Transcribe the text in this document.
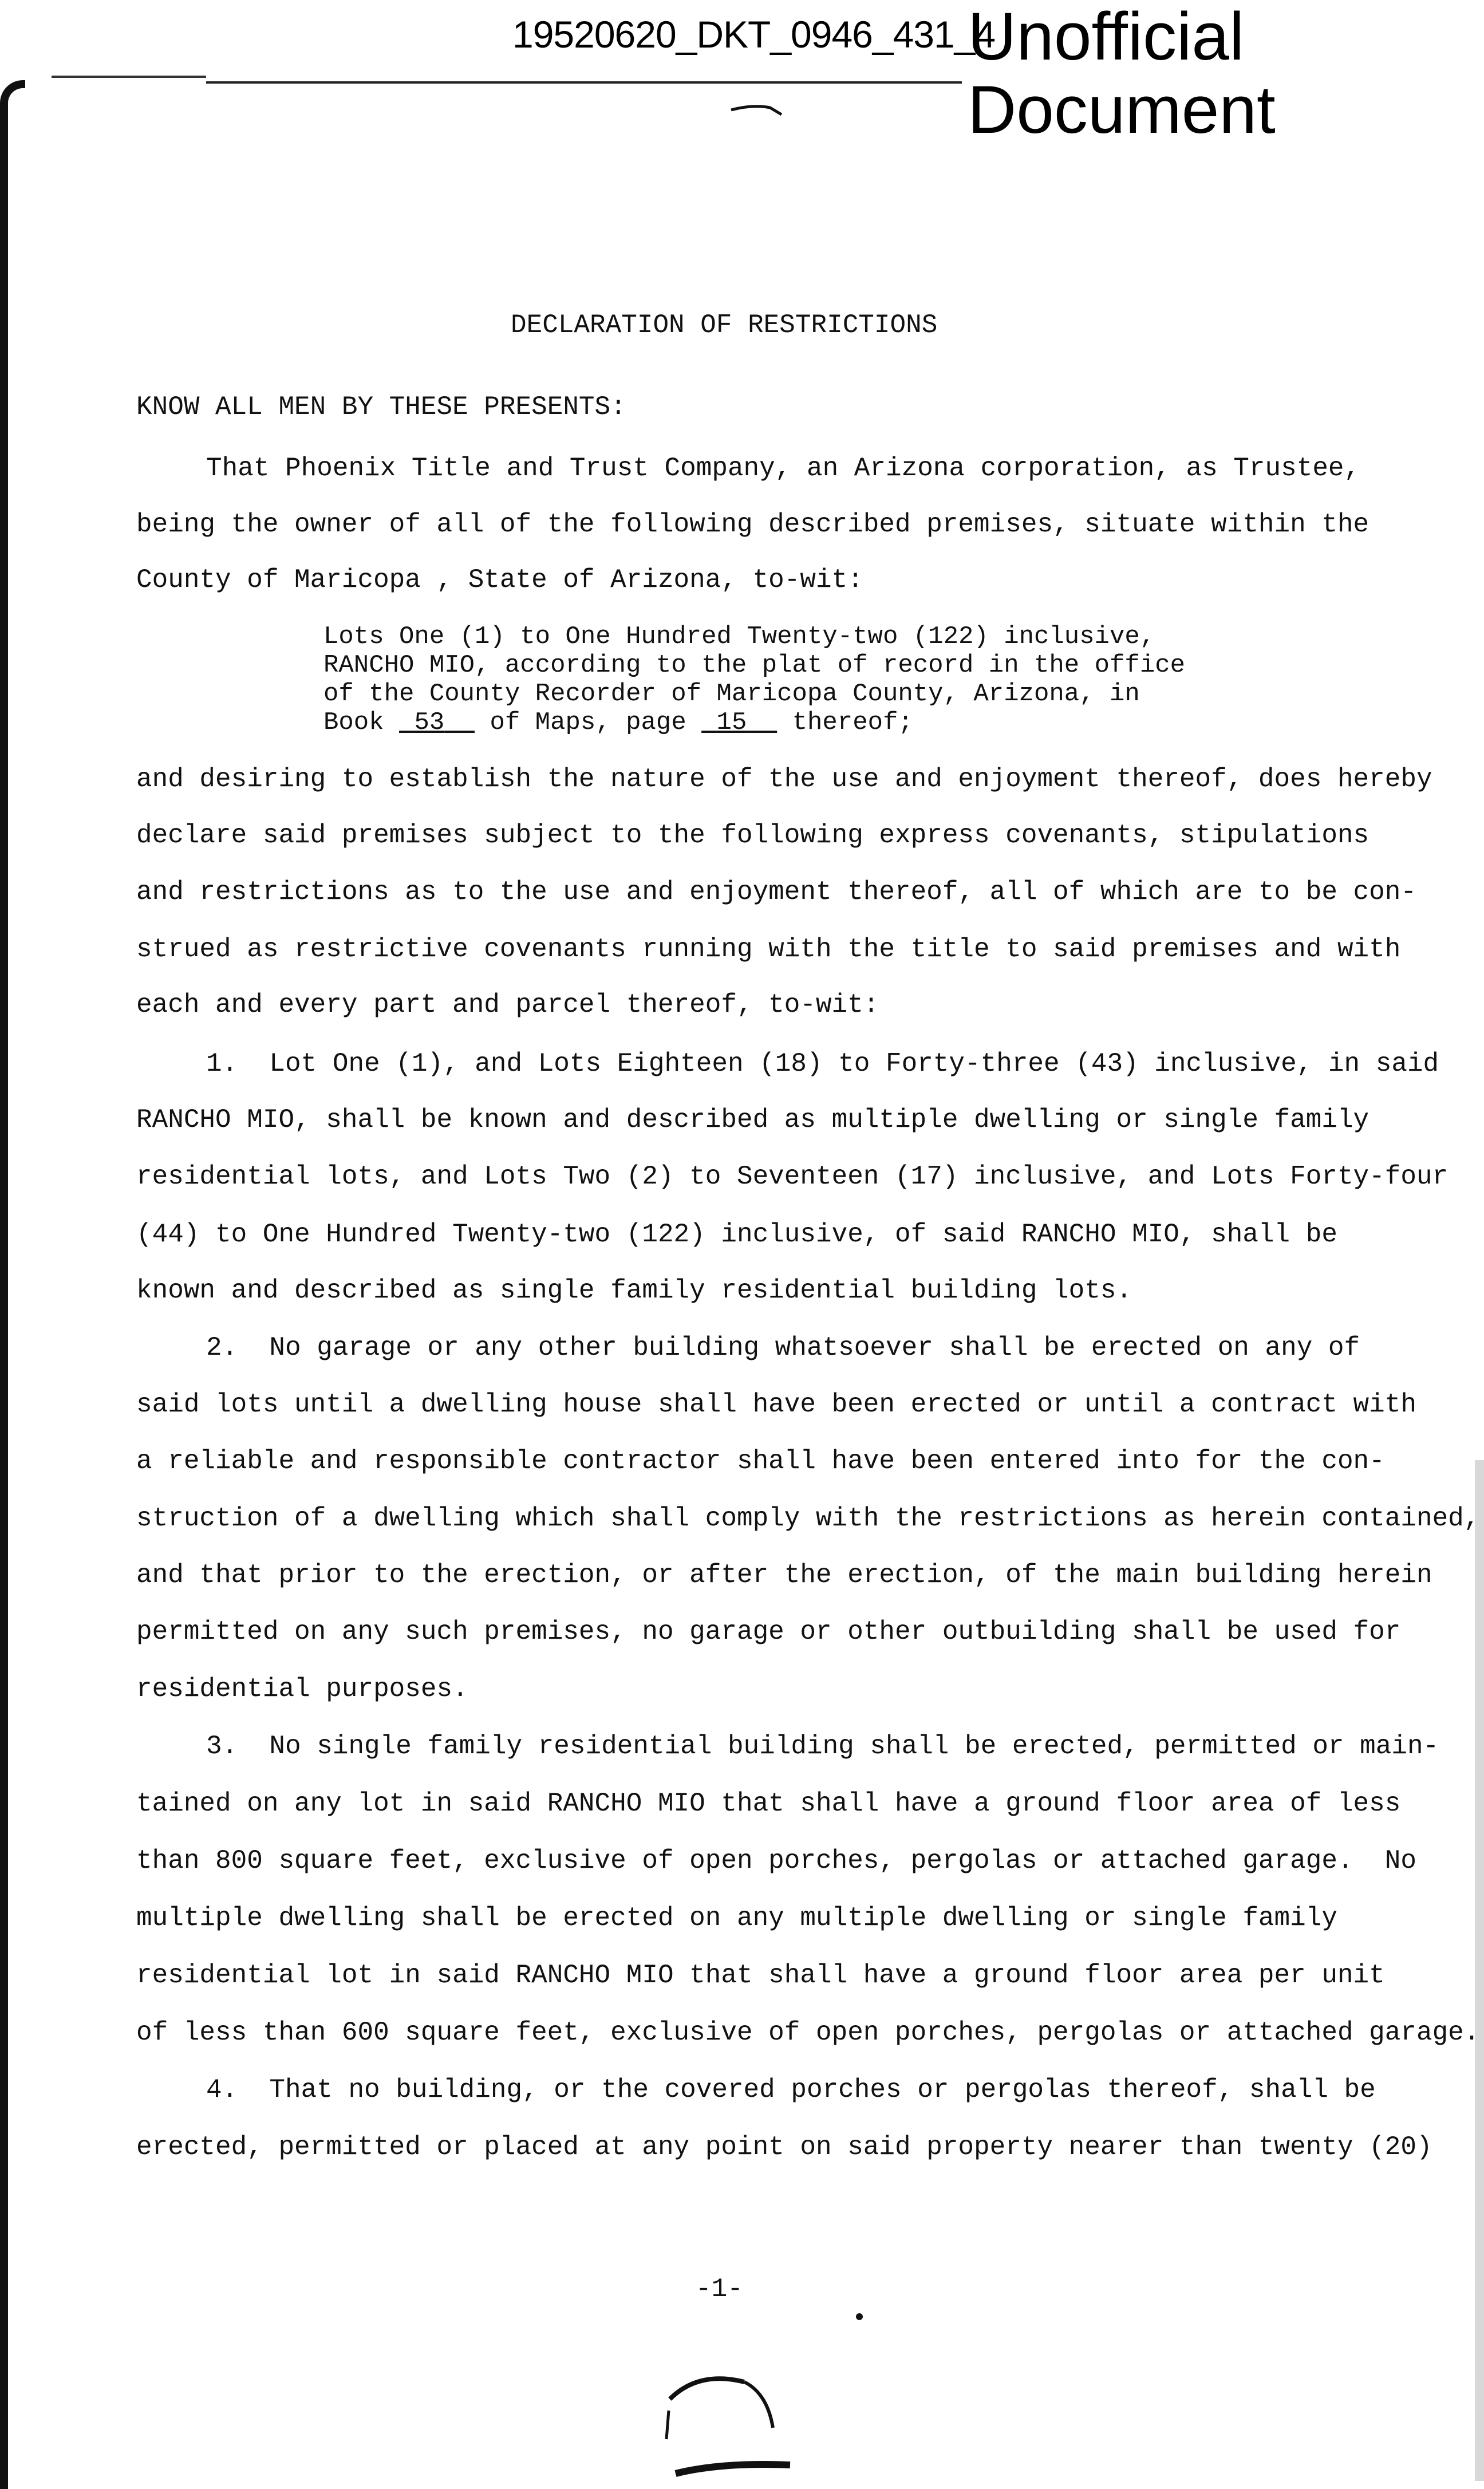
19520620_DKT_0946_431_4
Unofficial
Document
DECLARATION OF RESTRICTIONS
KNOW ALL MEN BY THESE PRESENTS:
That Phoenix Title and Trust Company, an Arizona corporation, as Trustee,
being the owner of all of the following described premises, situate within the
County of Maricopa , State of Arizona, to-wit:
Lots One (1) to One Hundred Twenty-two (122) inclusive,
RANCHO MIO, according to the plat of record in the office
of the County Recorder of Maricopa County, Arizona, in
Book 53 of Maps, page 15 thereof;
and desiring to establish the nature of the use and enjoyment thereof, does hereby
declare said premises subject to the following express covenants, stipulations
and restrictions as to the use and enjoyment thereof, all of which are to be con-
strued as restrictive covenants running with the title to said premises and with
each and every part and parcel thereof, to-wit:
1.  Lot One (1), and Lots Eighteen (18) to Forty-three (43) inclusive, in said
RANCHO MIO, shall be known and described as multiple dwelling or single family
residential lots, and Lots Two (2) to Seventeen (17) inclusive, and Lots Forty-four
(44) to One Hundred Twenty-two (122) inclusive, of said RANCHO MIO, shall be
known and described as single family residential building lots.
2.  No garage or any other building whatsoever shall be erected on any of
said lots until a dwelling house shall have been erected or until a contract with
a reliable and responsible contractor shall have been entered into for the con-
struction of a dwelling which shall comply with the restrictions as herein contained,
and that prior to the erection, or after the erection, of the main building herein
permitted on any such premises, no garage or other outbuilding shall be used for
residential purposes.
3.  No single family residential building shall be erected, permitted or main-
tained on any lot in said RANCHO MIO that shall have a ground floor area of less
than 800 square feet, exclusive of open porches, pergolas or attached garage.  No
multiple dwelling shall be erected on any multiple dwelling or single family
residential lot in said RANCHO MIO that shall have a ground floor area per unit
of less than 600 square feet, exclusive of open porches, pergolas or attached garage.
4.  That no building, or the covered porches or pergolas thereof, shall be
erected, permitted or placed at any point on said property nearer than twenty (20)
-1-
